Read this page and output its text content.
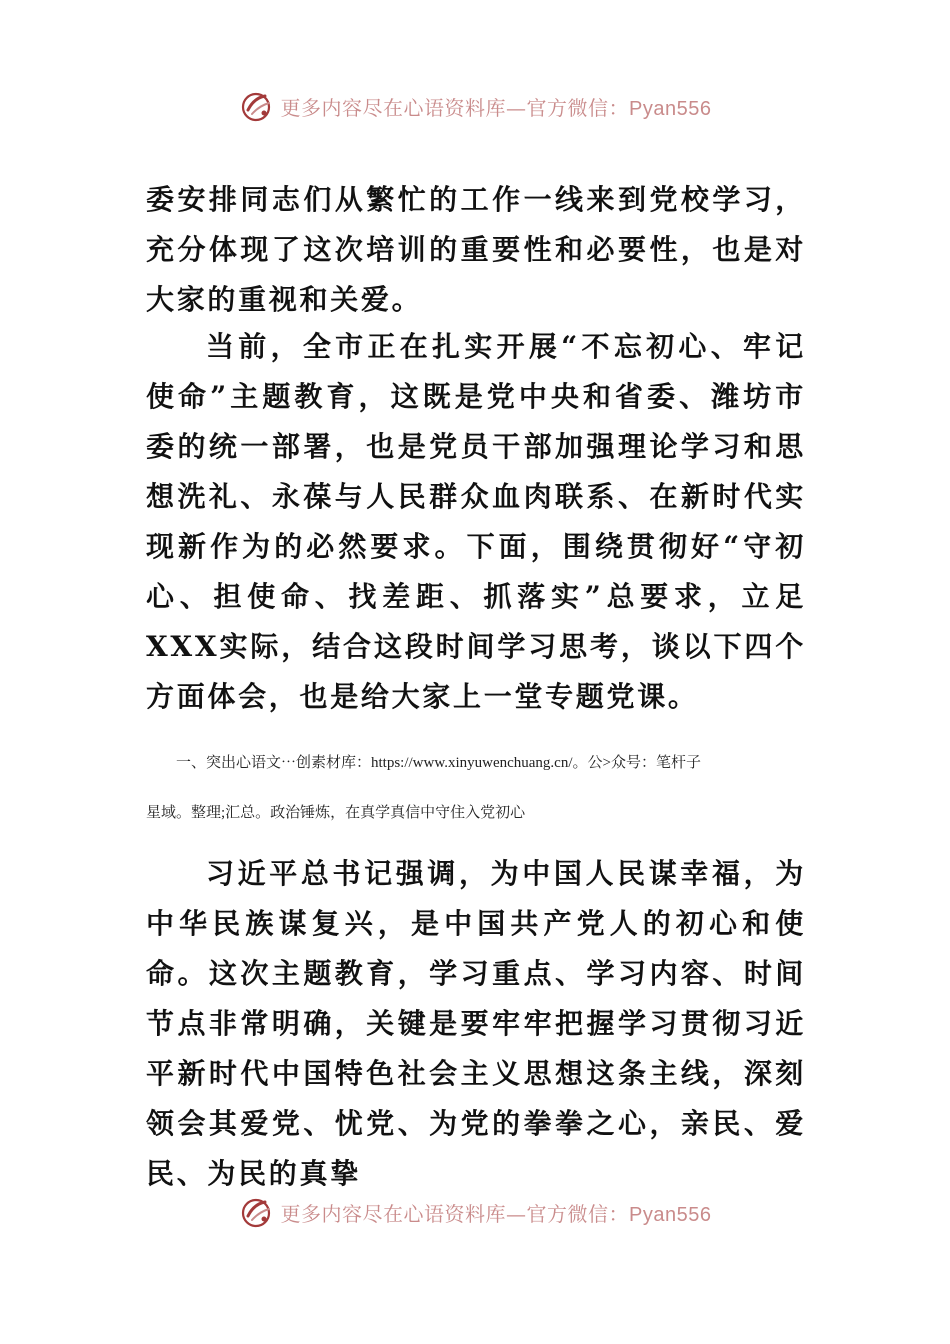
更多内容尽在心语资料库—官方微信：Pyan556

委安排同志们从繁忙的工作一线来到党校学习，充分体现了这次培训的重要性和必要性，也是对大家的重视和关爱。

当前，全市正在扎实开展“不忘初心、牢记使命”主题教育，这既是党中央和省委、潍坊市委的统一部署，也是党员干部加强理论学习和思想洗礼、永葆与人民群众血肉联系、在新时代实现新作为的必然要求。下面，围绕贯彻好“守初心、担使命、找差距、抓落实”总要求，立足XXX实际，结合这段时间学习思考，谈以下四个方面体会，也是给大家上一堂专题党课。

一、突出心语文⋯创素材库：https://www.xinyuwenchuang.cn/。公>众号：笔杆子
星域。整理;汇总。政治锤炼，在真学真信中守住入党初心

习近平总书记强调，为中国人民谋幸福，为中华民族谋复兴，是中国共产党人的初心和使命。这次主题教育，学习重点、学习内容、时间节点非常明确，关键是要牢牢把握学习贯彻习近平新时代中国特色社会主义思想这条主线，深刻领会其爱党、忧党、为党的拳拳之心，亲民、爱民、为民的真挚

更多内容尽在心语资料库—官方微信：Pyan556
